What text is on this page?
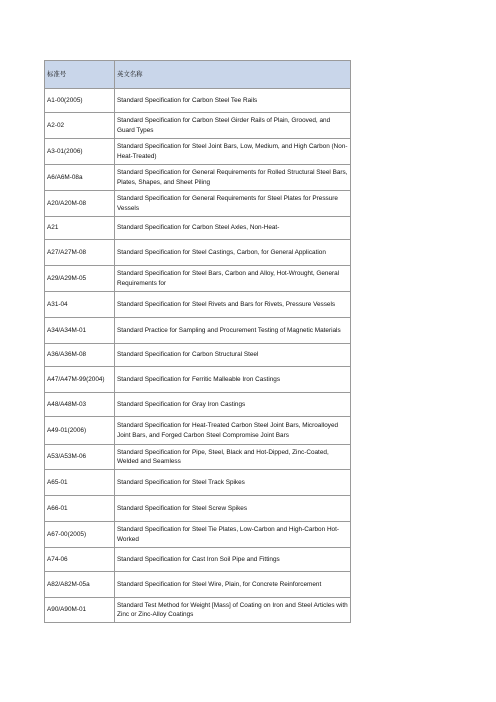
标准号	英文名称
A1-00(2005)	Standard Specification for Carbon Steel Tee Rails
A2-02	Standard Specification for Carbon Steel Girder Rails of Plain, Grooved, and Guard Types
A3-01(2006)	Standard Specification for Steel Joint Bars, Low, Medium, and High Carbon (Non-Heat-Treated)
A6/A6M-08a	Standard Specification for General Requirements for Rolled Structural Steel Bars, Plates, Shapes, and Sheet Piling
A20/A20M-08	Standard Specification for General Requirements for Steel Plates for Pressure Vessels
A21	Standard Specification for Carbon Steel Axles, Non-Heat-
A27/A27M-08	Standard Specification for Steel Castings, Carbon, for General Application
A29/A29M-05	Standard Specification for Steel Bars, Carbon and Alloy, Hot-Wrought, General Requirements for
A31-04	Standard Specification for Steel Rivets and Bars for Rivets, Pressure Vessels
A34/A34M-01	Standard Practice for Sampling and Procurement Testing of Magnetic Materials
A36/A36M-08	Standard Specification for Carbon Structural Steel
A47/A47M-99(2004)	Standard Specification for Ferritic Malleable Iron Castings
A48/A48M-03	Standard Specification for Gray Iron Castings
A49-01(2006)	Standard Specification for Heat-Treated Carbon Steel Joint Bars, Microalloyed Joint Bars, and Forged Carbon Steel Compromise Joint Bars
A53/A53M-06	Standard Specification for Pipe, Steel, Black and Hot-Dipped, Zinc-Coated, Welded and Seamless
A65-01	Standard Specification for Steel Track Spikes
A66-01	Standard Specification for Steel Screw Spikes
A67-00(2005)	Standard Specification for Steel Tie Plates, Low-Carbon and High-Carbon Hot-Worked
A74-06	Standard Specification for Cast Iron Soil Pipe and Fittings
A82/A82M-05a	Standard Specification for Steel Wire, Plain, for Concrete Reinforcement
A90/A90M-01	Standard Test Method for Weight [Mass] of Coating on Iron and Steel Articles with Zinc or Zinc-Alloy Coatings
